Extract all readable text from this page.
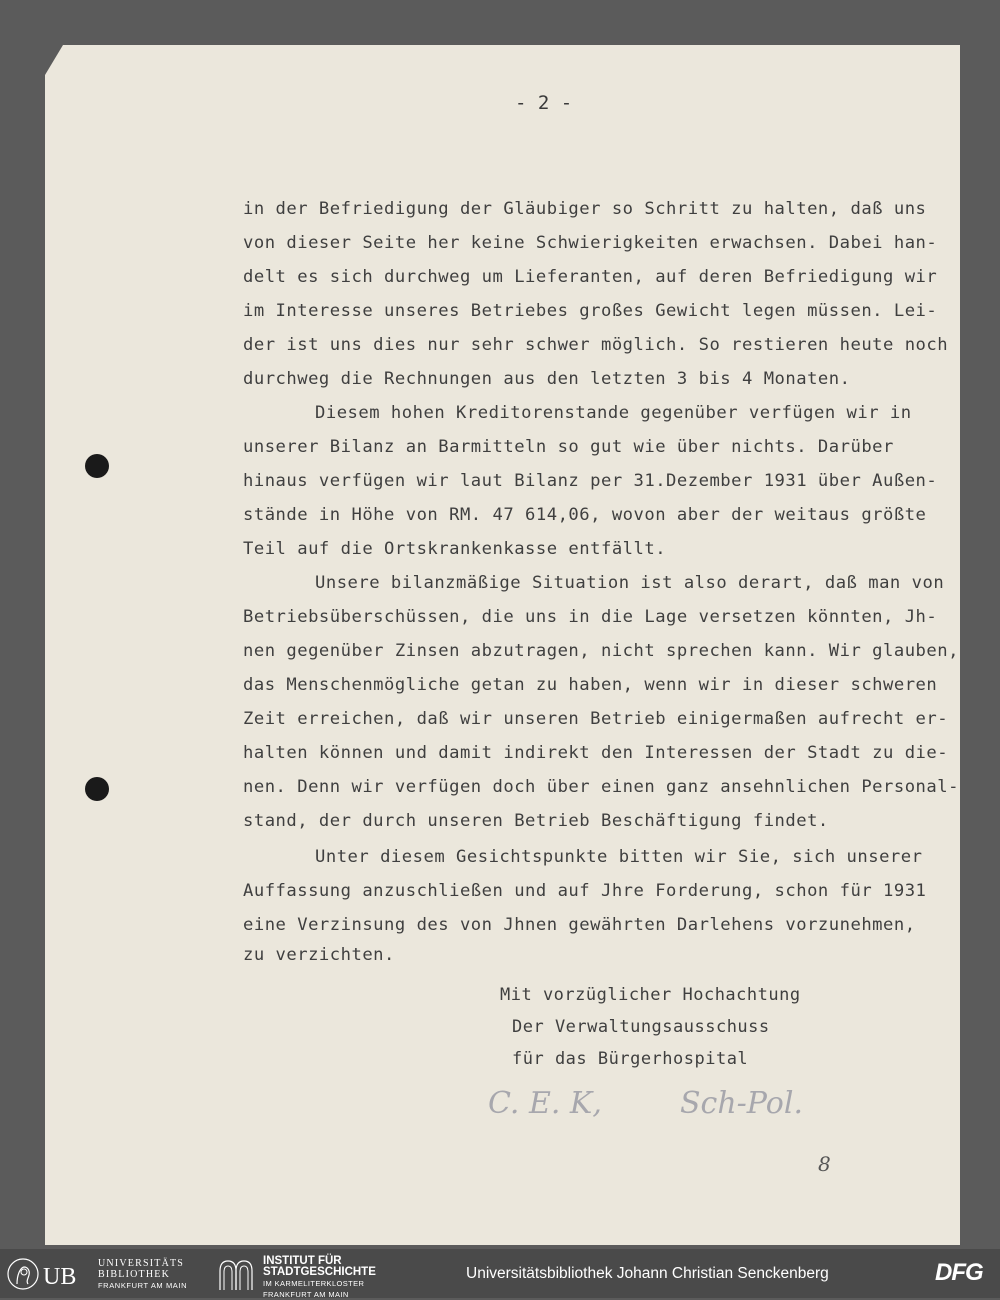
- 2 -
in der Befriedigung der Gläubiger so Schritt zu halten, daß uns
von dieser Seite her keine Schwierigkeiten erwachsen. Dabei han-
delt es sich durchweg um Lieferanten, auf deren Befriedigung wir
im Interesse unseres Betriebes großes Gewicht legen müssen. Lei-
der ist uns dies nur sehr schwer möglich. So restieren heute noch
durchweg die Rechnungen aus den letzten 3 bis 4 Monaten.
Diesem hohen Kreditorenstande gegenüber verfügen wir in
unserer Bilanz an Barmitteln so gut wie über nichts. Darüber
hinaus verfügen wir laut Bilanz per 31.Dezember 1931 über Außen-
stände in Höhe von RM. 47 614,06, wovon aber der weitaus größte
Teil auf die Ortskrankenkasse entfällt.
Unsere bilanzmäßige Situation ist also derart, daß man von
Betriebsüberschüssen, die uns in die Lage versetzen könnten, Jh-
nen gegenüber Zinsen abzutragen, nicht sprechen kann. Wir glauben,
das Menschenmögliche getan zu haben, wenn wir in dieser schweren
Zeit erreichen, daß wir unseren Betrieb einigermaßen aufrecht er-
halten können und damit indirekt den Interessen der Stadt zu die-
nen. Denn wir verfügen doch über einen ganz ansehnlichen Personal-
stand, der durch unseren Betrieb Beschäftigung findet.
Unter diesem Gesichtspunkte bitten wir Sie, sich unserer
Auffassung anzuschließen und auf Jhre Forderung, schon für 1931
eine Verzinsung des von Jhnen gewährten Darlehens vorzunehmen,
zu verzichten.
Mit vorzüglicher Hochachtung
Der Verwaltungsausschuss
für das Bürgerhospital
C. E. K,	Sch-Pol.
8
UB
UNIVERSITÄTS
BIBLIOTHEK
FRANKFURT AM MAIN
INSTITUT FÜR
STADTGESCHICHTE
IM KARMELITERKLOSTER
FRANKFURT AM MAIN
Universitätsbibliothek Johann Christian Senckenberg	DFG
